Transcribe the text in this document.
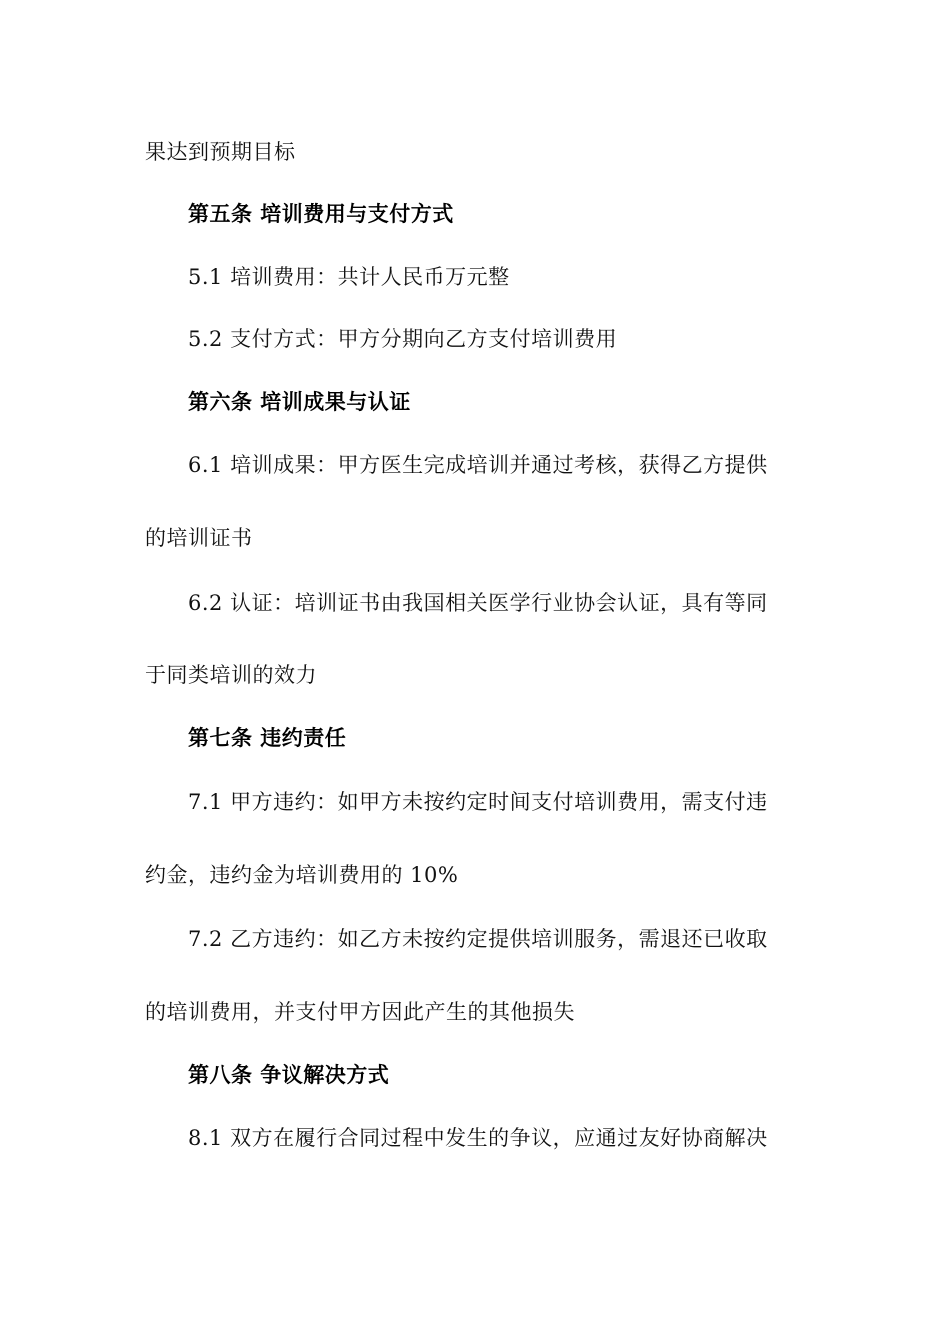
果达到预期目标
第五条 培训费用与支付方式
5.1 培训费用：共计人民币万元整
5.2 支付方式：甲方分期向乙方支付培训费用
第六条 培训成果与认证
6.1 培训成果：甲方医生完成培训并通过考核，获得乙方提供
的培训证书
6.2 认证：培训证书由我国相关医学行业协会认证，具有等同
于同类培训的效力
第七条 违约责任
7.1 甲方违约：如甲方未按约定时间支付培训费用，需支付违
约金，违约金为培训费用的 10%
7.2 乙方违约：如乙方未按约定提供培训服务，需退还已收取
的培训费用，并支付甲方因此产生的其他损失
第八条 争议解决方式
8.1 双方在履行合同过程中发生的争议，应通过友好协商解决
